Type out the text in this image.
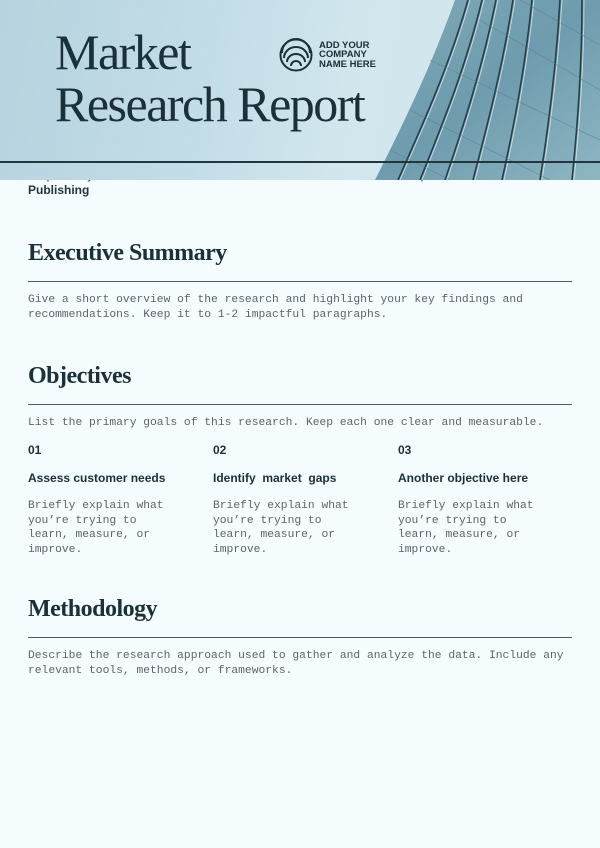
Market
Research Report
ADD YOUR
COMPANY
NAME HERE

Publishing
Executive Summary
Give a short overview of the research and highlight your key findings and recommendations. Keep it to 1-2 impactful paragraphs.
Objectives
List the primary goals of this research. Keep each one clear and measurable.
01
Assess customer needs
Briefly explain what you’re trying to learn, measure, or improve.
02
Identify  market  gaps
Briefly explain what you’re trying to learn, measure, or improve.
03
Another objective here
Briefly explain what you’re trying to learn, measure, or improve.
Methodology
Describe the research approach used to gather and analyze the data. Include any relevant tools, methods, or frameworks.
